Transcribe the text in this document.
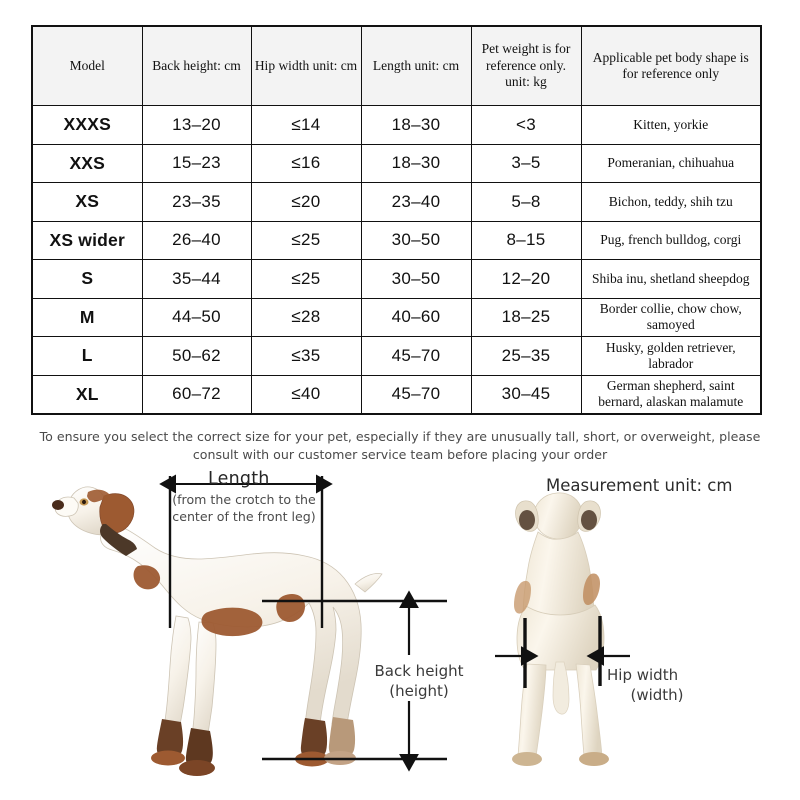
Model	Back height: cm	Hip width unit: cm	Length unit: cm	Pet weight is for reference only. unit: kg	Applicable pet body shape is for reference only
XXXS	13–20	≤14	18–30	<3	Kitten, yorkie
XXS	15–23	≤16	18–30	3–5	Pomeranian, chihuahua
XS	23–35	≤20	23–40	5–8	Bichon, teddy, shih tzu
XS wider	26–40	≤25	30–50	8–15	Pug, french bulldog, corgi
S	35–44	≤25	30–50	12–20	Shiba inu, shetland sheepdog
M	44–50	≤28	40–60	18–25	Border collie, chow chow, samoyed
L	50–62	≤35	45–70	25–35	Husky, golden retriever, labrador
XL	60–72	≤40	45–70	30–45	German shepherd, saint bernard, alaskan malamute
To ensure you select the correct size for your pet, especially if they are unusually tall, short, or overweight, please consult with our customer service team before placing your order
Measurement unit: cm
Length
(from the crotch to the center of the front leg)
Back height
(height)
Hip width
(width)
